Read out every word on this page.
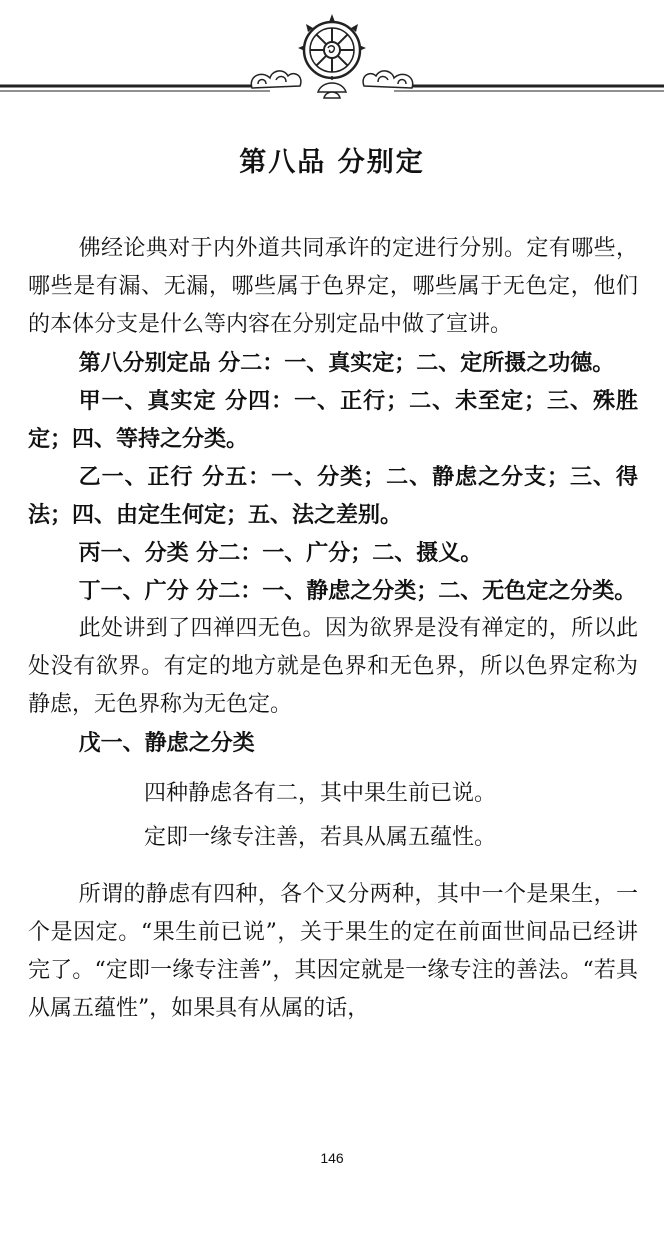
第八品 分别定

佛经论典对于内外道共同承许的定进行分别。定有哪些，哪些是有漏、无漏，哪些属于色界定，哪些属于无色定，他们的本体分支是什么等内容在分别定品中做了宣讲。

第八分别定品 分二：一、真实定；二、定所摄之功德。

甲一、真实定 分四：一、正行；二、未至定；三、殊胜定；四、等持之分类。

乙一、正行 分五：一、分类；二、静虑之分支；三、得法；四、由定生何定；五、法之差别。

丙一、分类 分二：一、广分；二、摄义。

丁一、广分 分二：一、静虑之分类；二、无色定之分类。

此处讲到了四禅四无色。因为欲界是没有禅定的，所以此处没有欲界。有定的地方就是色界和无色界，所以色界定称为静虑，无色界称为无色定。

戊一、静虑之分类

四种静虑各有二，其中果生前已说。
定即一缘专注善，若具从属五蕴性。

所谓的静虑有四种，各个又分两种，其中一个是果生，一个是因定。“果生前已说”，关于果生的定在前面世间品已经讲完了。“定即一缘专注善”，其因定就是一缘专注的善法。“若具从属五蕴性”，如果具有从属的话，

146
